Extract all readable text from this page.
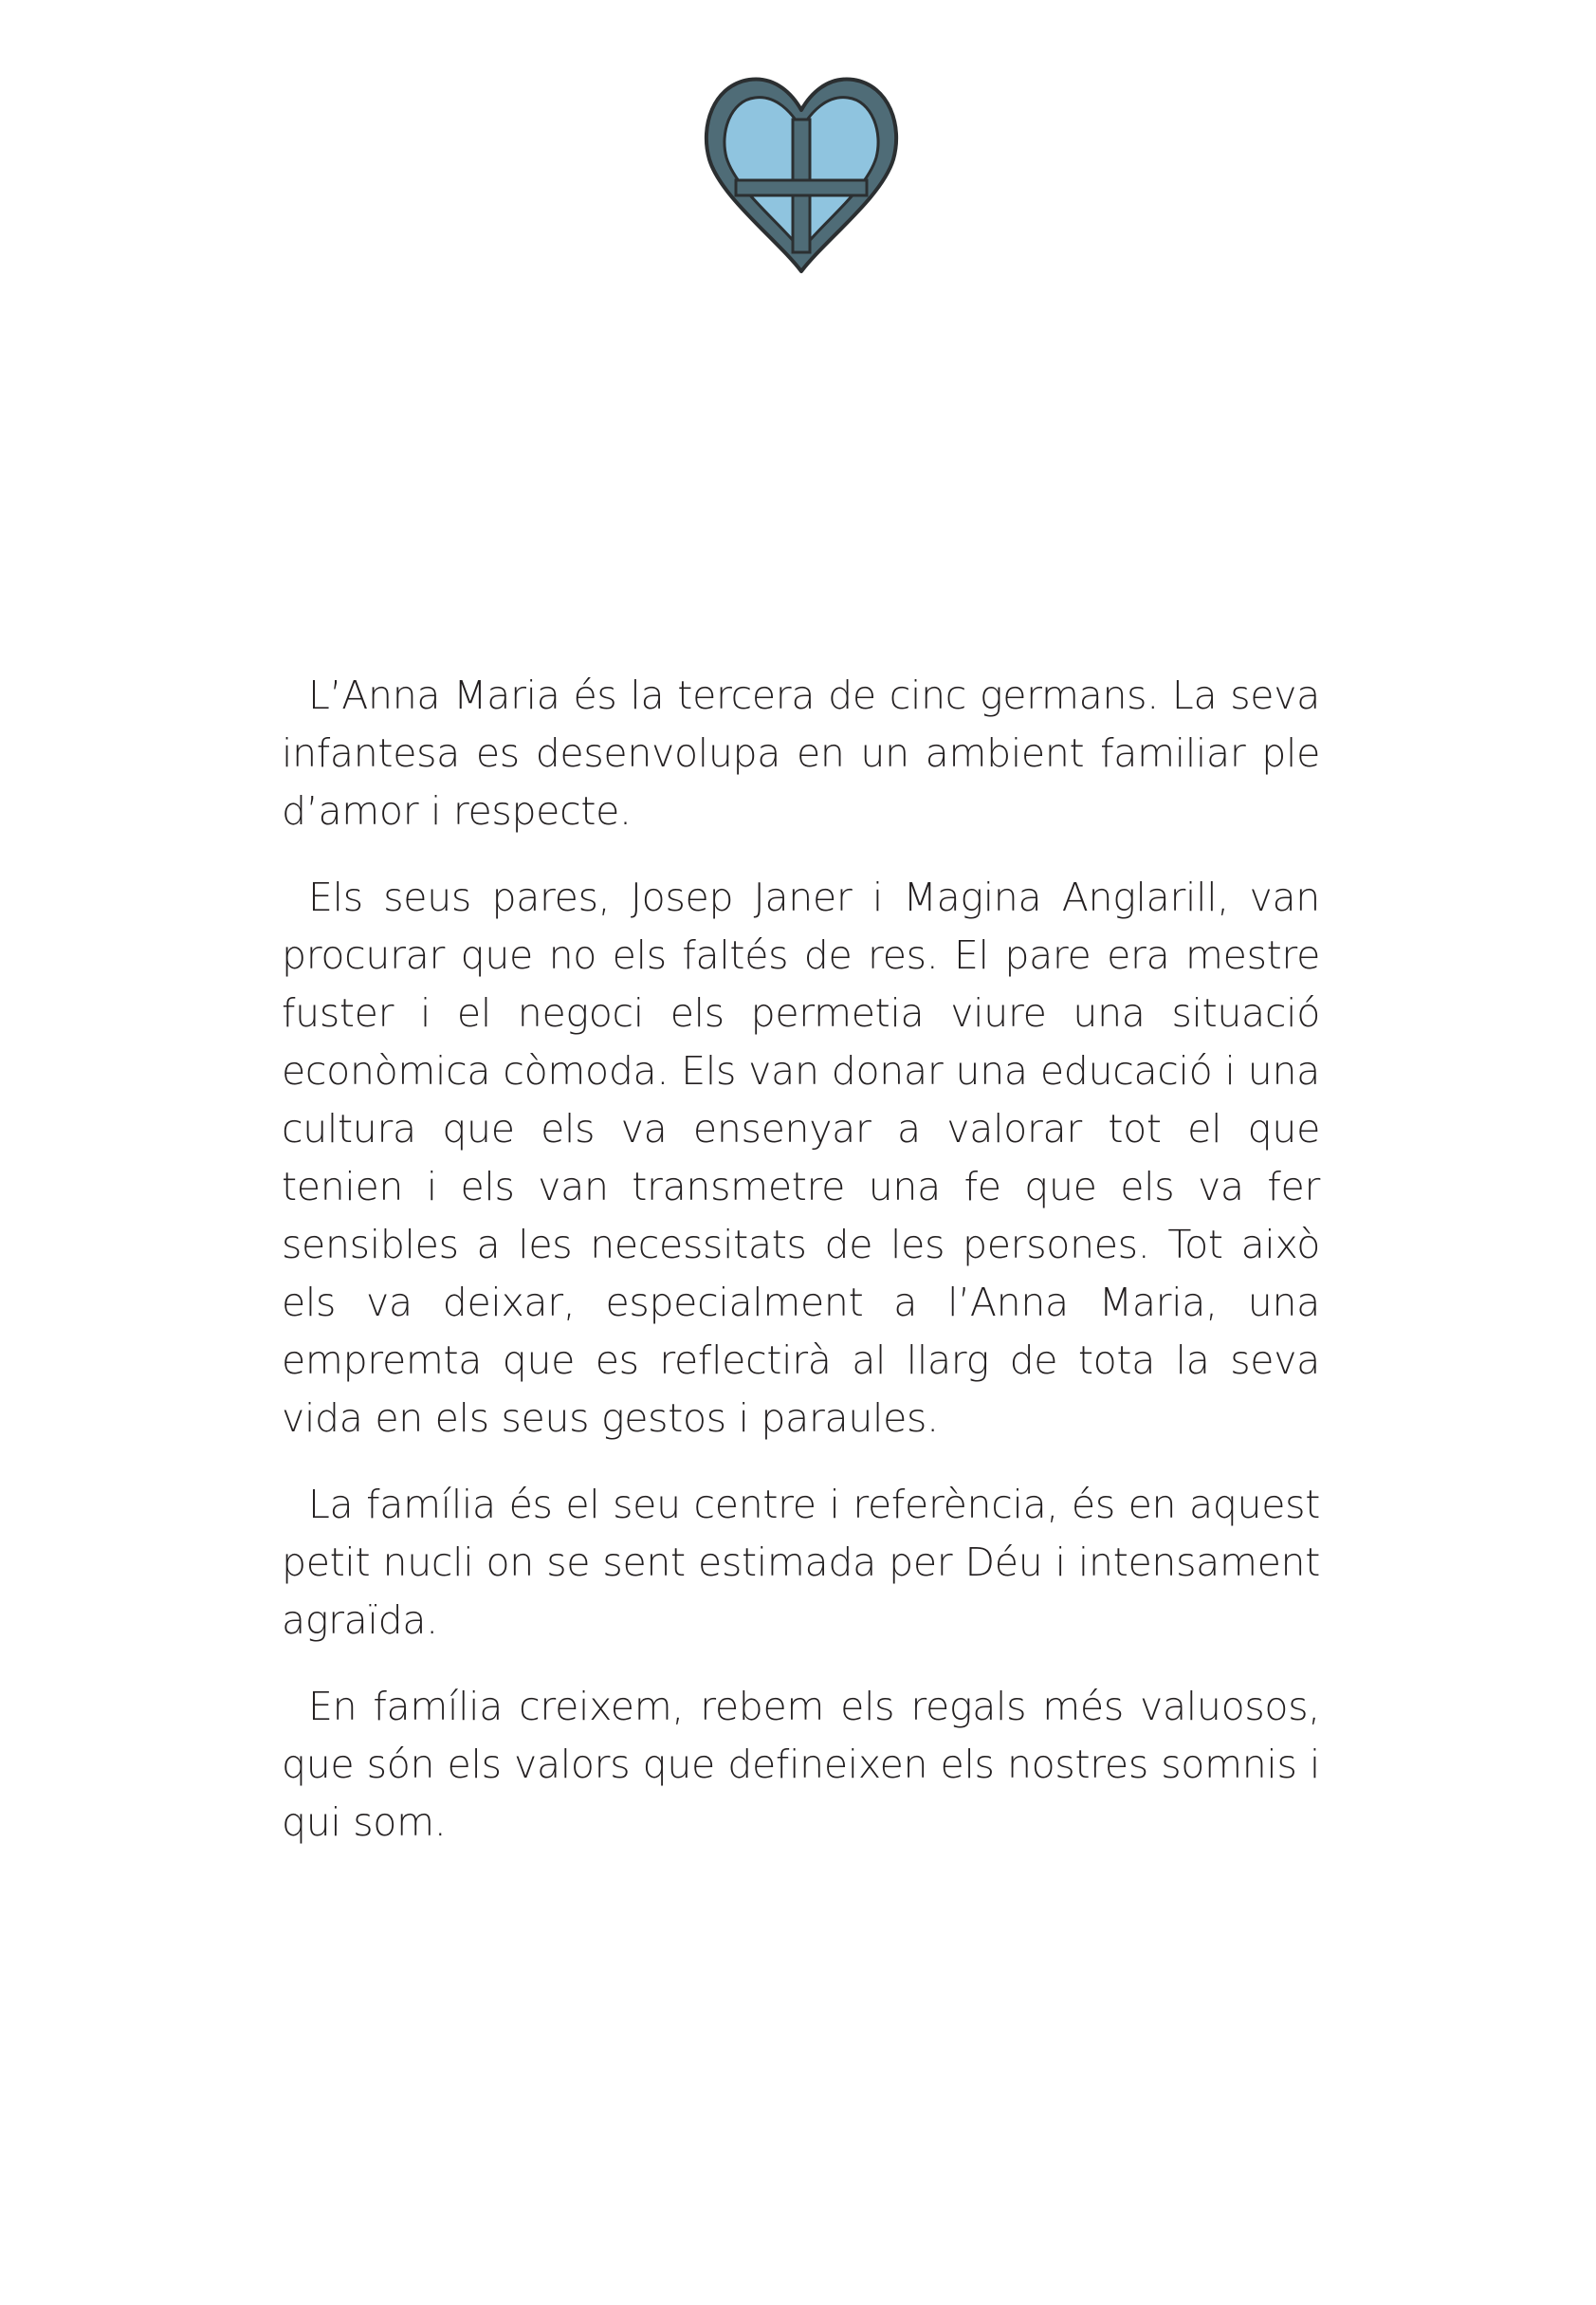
L’Anna Maria és la tercera de cinc germans. La seva infantesa es desenvolupa en un ambient familiar ple d’amor i respecte.

Els seus pares, Josep Janer i Magina Anglarill, van procurar que no els faltés de res. El pare era mestre fuster i el negoci els permetia viure una situació econòmica còmoda. Els van donar una educació i una cultura que els va ensenyar a valorar tot el que tenien i els van transmetre una fe que els va fer sensibles a les necessitats de les persones. Tot això els va deixar, especialment a l’Anna Maria, una empremta que es reflectirà al llarg de tota la seva vida en els seus gestos i paraules.

La família és el seu centre i referència, és en aquest petit nucli on se sent estimada per Déu i intensament agraïda.

En família creixem, rebem els regals més valuosos, que són els valors que defineixen els nostres somnis i qui som.
